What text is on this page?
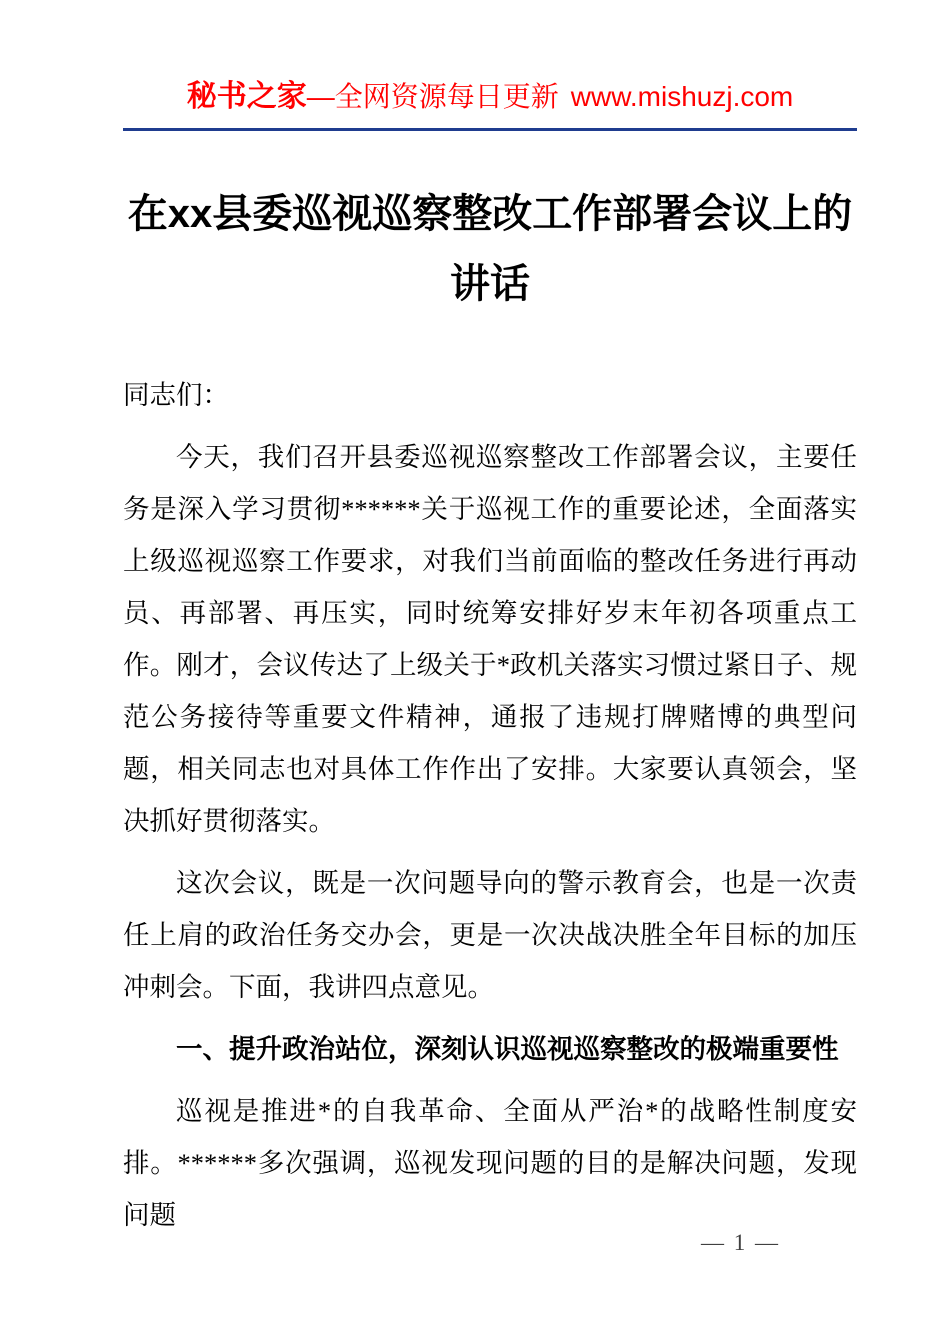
秘书之家—全网资源每日更新 www.mishuzj.com
在xx县委巡视巡察整改工作部署会议上的讲话

同志们：

今天，我们召开县委巡视巡察整改工作部署会议，主要任务是深入学习贯彻******关于巡视工作的重要论述，全面落实上级巡视巡察工作要求，对我们当前面临的整改任务进行再动员、再部署、再压实，同时统筹安排好岁末年初各项重点工作。刚才，会议传达了上级关于*政机关落实习惯过紧日子、规范公务接待等重要文件精神，通报了违规打牌赌博的典型问题，相关同志也对具体工作作出了安排。大家要认真领会，坚决抓好贯彻落实。

这次会议，既是一次问题导向的警示教育会，也是一次责任上肩的政治任务交办会，更是一次决战决胜全年目标的加压冲刺会。下面，我讲四点意见。

一、提升政治站位，深刻认识巡视巡察整改的极端重要性

巡视是推进*的自我革命、全面从严治*的战略性制度安排。******多次强调，巡视发现问题的目的是解决问题，发现问题

— 1 —
